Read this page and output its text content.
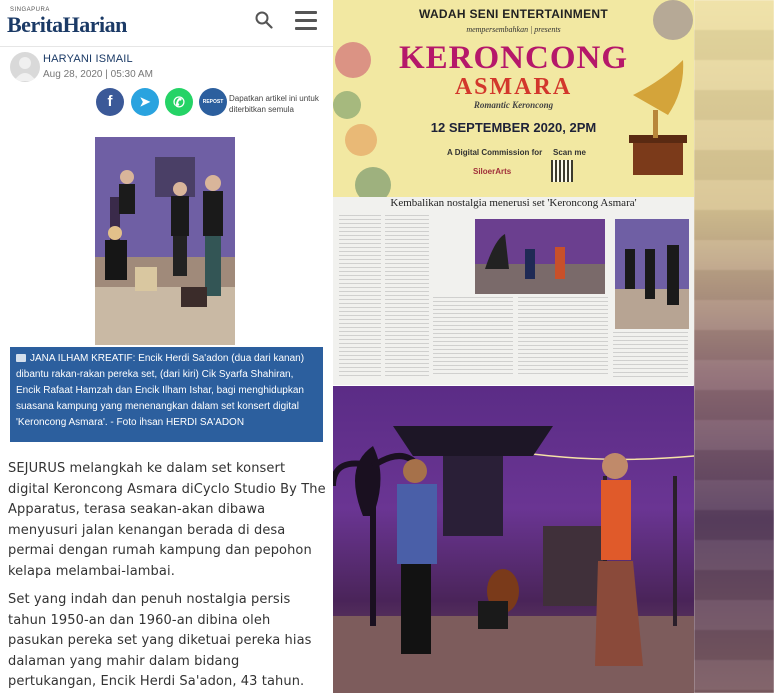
SINGAPURA
BeritaHarian
HARYANI ISMAIL
Aug 28, 2020 | 05:30 AM
f	➤	✆	REPOST Dapatkan artikel ini untuk diterbitkan semula
JANA ILHAM KREATIF: Encik Herdi Sa'adon (dua dari kanan) dibantu rakan-rakan pereka set, (dari kiri) Cik Syarfa Shahiran, Encik Rafaat Hamzah dan Encik Ilham Ishar, bagi menghidupkan suasana kampung yang menenangkan dalam set konsert digital 'Keroncong Asmara'. - Foto ihsan HERDI SA'ADON
SEJURUS melangkah ke dalam set konsert digital Keroncong Asmara diCyclo Studio By The Apparatus, terasa seakan-akan dibawa menyusuri jalan kenangan berada di desa permai dengan rumah kampung dan pepohon kelapa melambai-lambai.
Set yang indah dan penuh nostalgia persis tahun 1950-an dan 1960-an dibina oleh pasukan pereka set yang diketuai pereka hias dalaman yang mahir dalam bidang pertukangan, Encik Herdi Sa'adon, 43 tahun.
WADAH SENI ENTERTAINMENT
mempersembahkan | presents
KERONCONG
ASMARA
Romantic Keroncong
12 SEPTEMBER 2020, 2PM
A Digital Commission for Scan me
SiloerArts
Kembalikan nostalgia menerusi set 'Keroncong Asmara'
